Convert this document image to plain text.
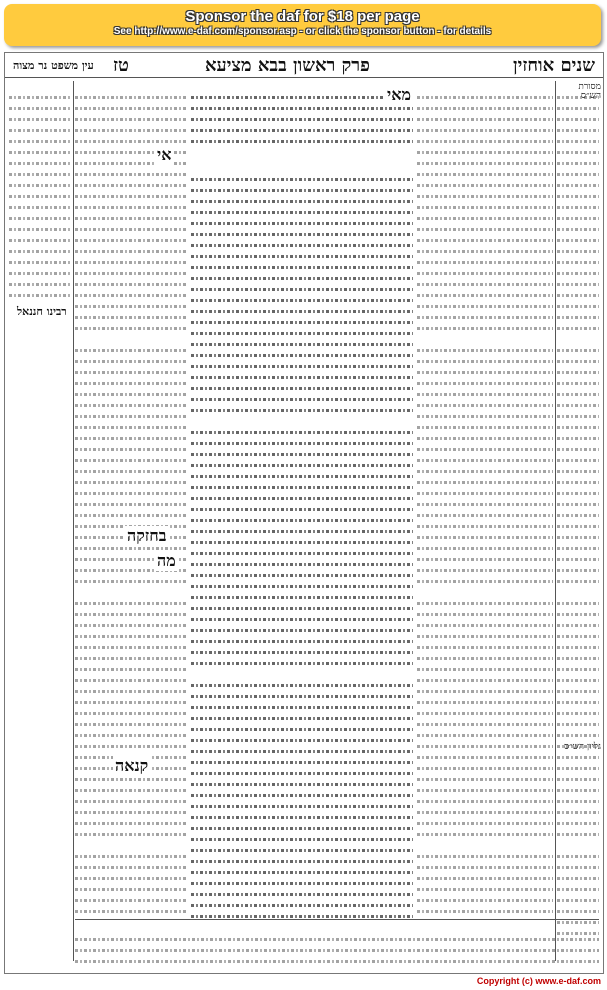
Sponsor the daf for $18 per page
See http://www.e-daf.com/sponsor.asp - or click the sponsor button - for details
עין משפט נר מצוה טז	פרק ראשון בבא מציעא	שנים אוחזין
רבינו חננאל
מסורת הש״ס
גליון הש״ס
מאי
אי
בחזקה
מה
קנאה
Copyright (c) www.e-daf.com
